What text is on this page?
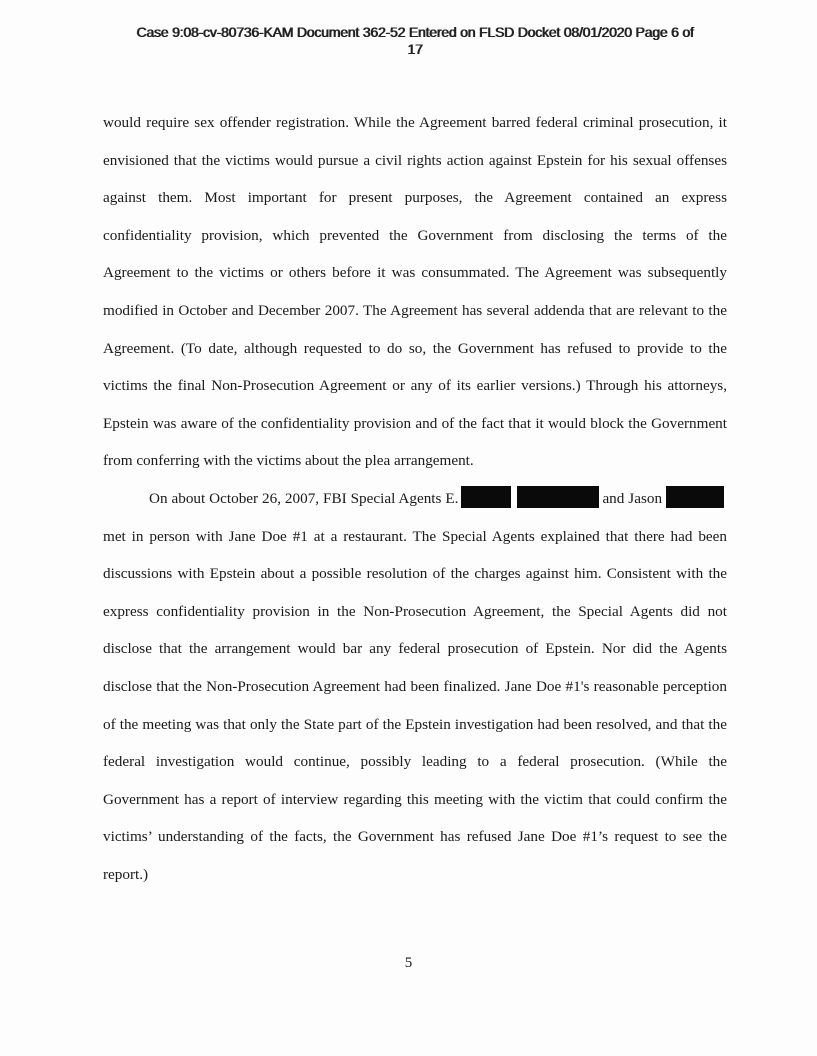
Case 9:08-cv-80736-KAM Document 362-52 Entered on FLSD Docket 08/01/2020 Page 6 of
17

would require sex offender registration. While the Agreement barred federal criminal prosecution, it envisioned that the victims would pursue a civil rights action against Epstein for his sexual offenses against them. Most important for present purposes, the Agreement contained an express confidentiality provision, which prevented the Government from disclosing the terms of the Agreement to the victims or others before it was consummated. The Agreement was subsequently modified in October and December 2007. The Agreement has several addenda that are relevant to the Agreement. (To date, although requested to do so, the Government has refused to provide to the victims the final Non-Prosecution Agreement or any of its earlier versions.) Through his attorneys, Epstein was aware of the confidentiality provision and of the fact that it would block the Government from conferring with the victims about the plea arrangement.

On about October 26, 2007, FBI Special Agents E.	and Jason met in person with Jane Doe #1 at a restaurant. The Special Agents explained that there had been discussions with Epstein about a possible resolution of the charges against him. Consistent with the express confidentiality provision in the Non-Prosecution Agreement, the Special Agents did not disclose that the arrangement would bar any federal prosecution of Epstein. Nor did the Agents disclose that the Non-Prosecution Agreement had been finalized. Jane Doe #1's reasonable perception of the meeting was that only the State part of the Epstein investigation had been resolved, and that the federal investigation would continue, possibly leading to a federal prosecution. (While the Government has a report of interview regarding this meeting with the victim that could confirm the victims’ understanding of the facts, the Government has refused Jane Doe #1’s request to see the report.)

5
